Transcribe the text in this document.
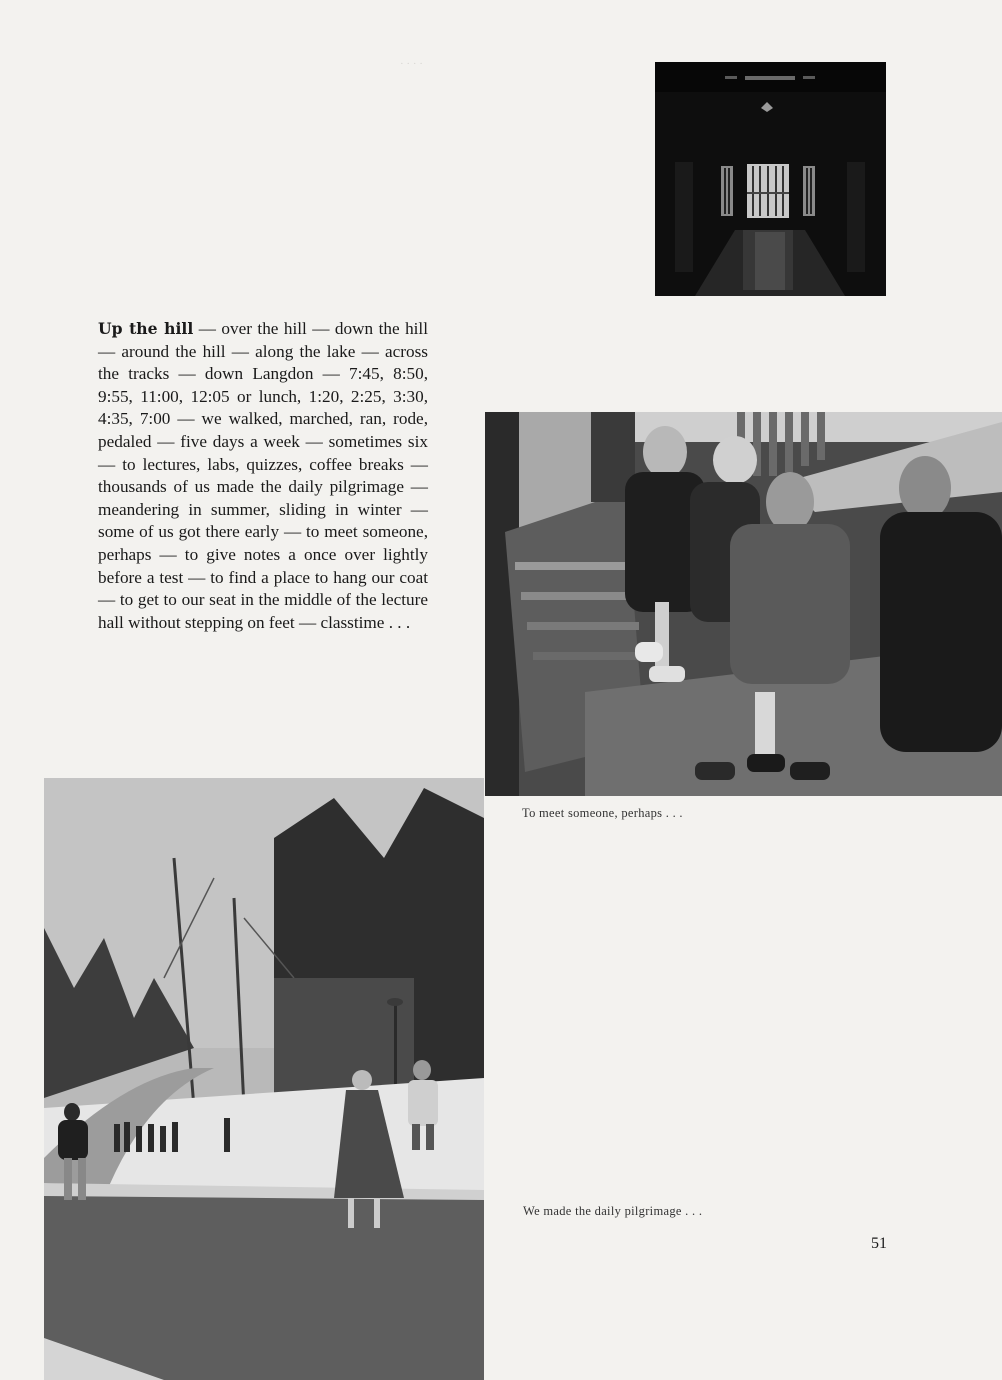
· · · ·

Up the hill — over the hill — down the hill — around the hill — along the lake — across the tracks — down Langdon — 7:45, 8:50, 9:55, 11:00, 12:05 or lunch, 1:20, 2:25, 3:30, 4:35, 7:00 — we walked, marched, ran, rode, pedaled — five days a week — sometimes six — to lectures, labs, quizzes, coffee breaks — thousands of us made the daily pilgrimage — meandering in summer, sliding in winter — some of us got there early — to meet someone, perhaps — to give notes a once over lightly before a test — to find a place to hang our coat — to get to our seat in the middle of the lecture hall without stepping on feet — classtime . . .

To meet someone, perhaps . . .
We made the daily pilgrimage . . .
51
